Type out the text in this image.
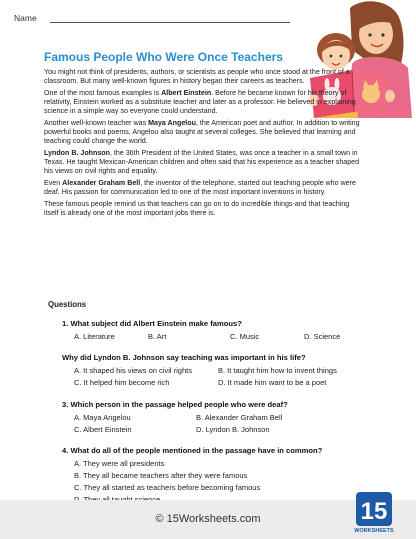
Name
Famous People Who Were Once Teachers

You might not think of presidents, authors, or scientists as people who once stood at the front of a classroom. But many well-known figures in history began their careers as teachers.

One of the most famous examples is Albert Einstein. Before he became known for his theory of relativity, Einstein worked as a substitute teacher and later as a professor. He believed in explaining science in a simple way so everyone could understand.

Another well-known teacher was Maya Angelou, the American poet and author. In addition to writing powerful books and poems, Angelou also taught at several colleges. She believed that learning and teaching could change the world.

Lyndon B. Johnson, the 36th President of the United States, was once a teacher in a small town in Texas. He taught Mexican-American children and often said that his experience as a teacher shaped his views on civil rights and equality.

Even Alexander Graham Bell, the inventor of the telephone, started out teaching people who were deaf. His passion for communication led to one of the most important inventions in history.

These famous people remind us that teachers can go on to do incredible things-and that teaching itself is already one of the most important jobs there is.

Questions
1. What subject did Albert Einstein make famous?
A. Literature	B. Art	C. Music	D. Science
Why did Lyndon B. Johnson say teaching was important in his life?
A. It shaped his views on civil rights	B. It taught him how to invent things
C. It helped him become rich	D. It made him want to be a poet
3. Which person in the passage helped people who were deaf?
A. Maya Angelou	B. Alexander Graham Bell
C. Albert Einstein	D. Lyndon B. Johnson
4. What do all of the people mentioned in the passage have in common?
A. They were all presidents
B. They all became teachers after they were famous
C. They all started as teachers before becoming famous
© 15Worksheets.com	15
WORKSHEETS
